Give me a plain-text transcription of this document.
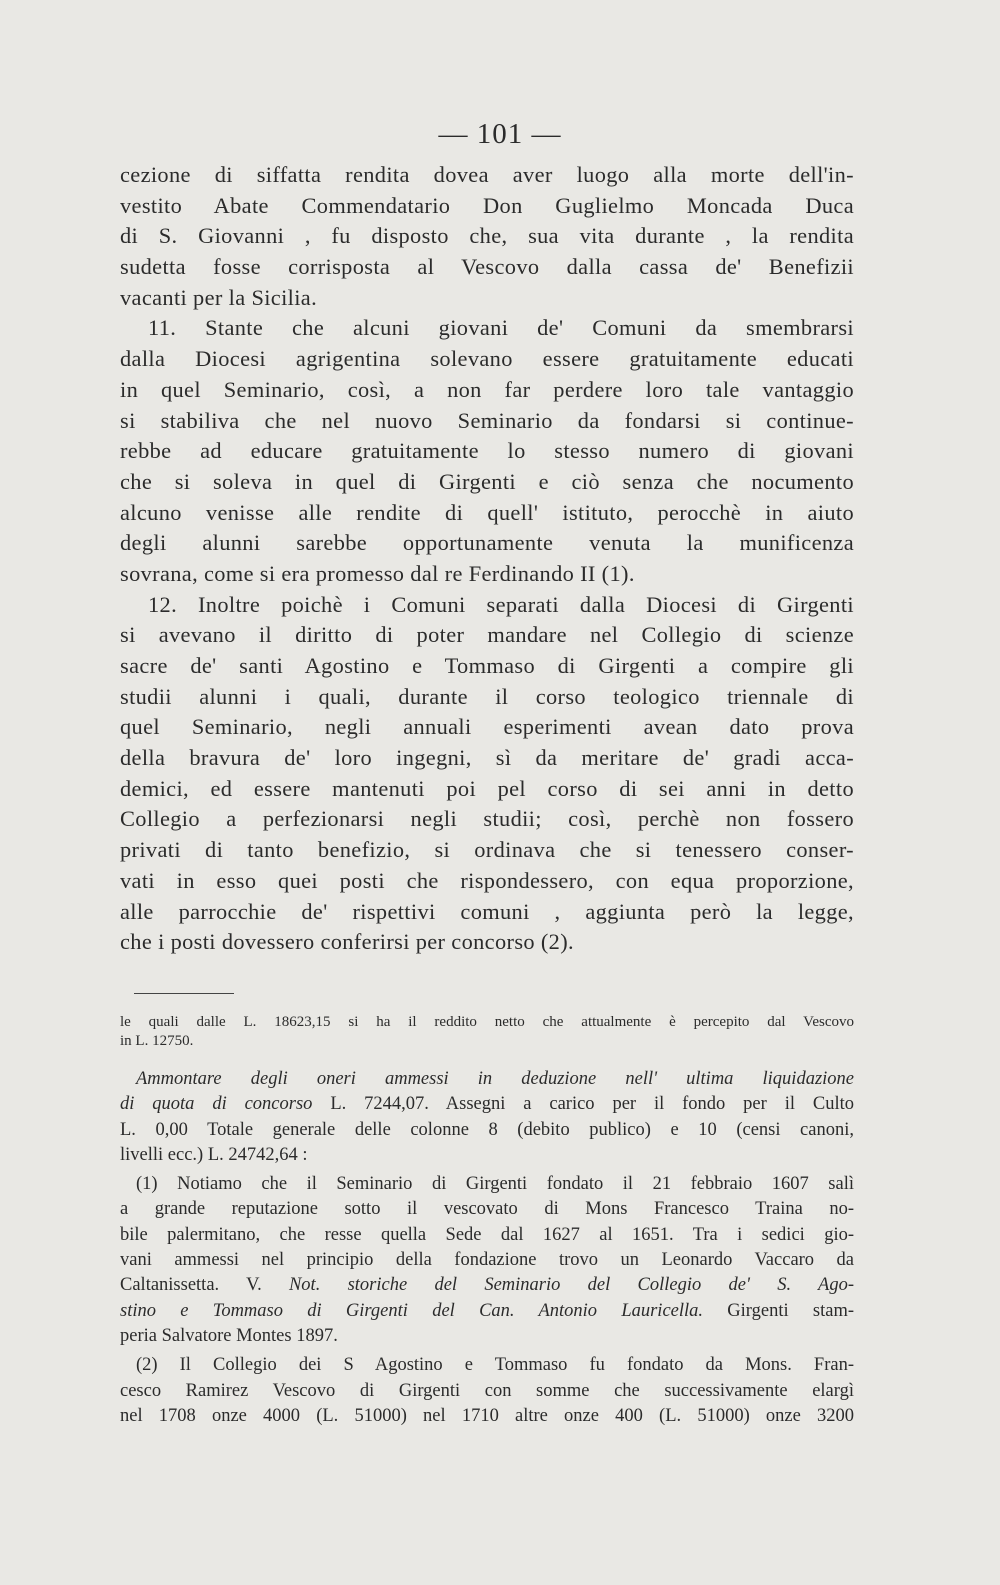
— 101 —
cezione di siffatta rendita dovea aver luogo alla morte dell'in-
vestito Abate Commendatario Don Guglielmo Moncada Duca
di S. Giovanni , fu disposto che, sua vita durante , la rendita
sudetta fosse corrisposta al Vescovo dalla cassa de' Benefizii
vacanti per la Sicilia.
11. Stante che alcuni giovani de' Comuni da smembrarsi
dalla Diocesi agrigentina solevano essere gratuitamente educati
in quel Seminario, così, a non far perdere loro tale vantaggio
si stabiliva che nel nuovo Seminario da fondarsi si continue-
rebbe ad educare gratuitamente lo stesso numero di giovani
che si soleva in quel di Girgenti e ciò senza che nocumento
alcuno venisse alle rendite di quell' istituto, perocchè in aiuto
degli alunni sarebbe opportunamente venuta la munificenza
sovrana, come si era promesso dal re Ferdinando II (1).
12. Inoltre poichè i Comuni separati dalla Diocesi di Girgenti
si avevano il diritto di poter mandare nel Collegio di scienze
sacre de' santi Agostino e Tommaso di Girgenti a compire gli
studii alunni i quali, durante il corso teologico triennale di
quel Seminario, negli annuali esperimenti avean dato prova
della bravura de' loro ingegni, sì da meritare de' gradi acca-
demici, ed essere mantenuti poi pel corso di sei anni in detto
Collegio a perfezionarsi negli studii; così, perchè non fossero
privati di tanto benefizio, si ordinava che si tenessero conser-
vati in esso quei posti che rispondessero, con equa proporzione,
alle parrocchie de' rispettivi comuni , aggiunta però la legge,
che i posti dovessero conferirsi per concorso (2).
le quali dalle L. 18623,15 si ha il reddito netto che attualmente è percepito dal Vescovo
in L. 12750.
Ammontare degli oneri ammessi in deduzione nell' ultima liquidazione
di quota di concorso L. 7244,07. Assegni a carico per il fondo per il Culto
L. 0,00 Totale generale delle colonne 8 (debito publico) e 10 (censi canoni,
livelli ecc.) L. 24742,64 :
(1) Notiamo che il Seminario di Girgenti fondato il 21 febbraio 1607 salì
a grande reputazione sotto il vescovato di Mons Francesco Traina no-
bile palermitano, che resse quella Sede dal 1627 al 1651. Tra i sedici gio-
vani ammessi nel principio della fondazione trovo un Leonardo Vaccaro da
Caltanissetta. V. Not. storiche del Seminario del Collegio de' S. Ago-
stino e Tommaso di Girgenti del Can. Antonio Lauricella. Girgenti stam-
peria Salvatore Montes 1897.
(2) Il Collegio dei S Agostino e Tommaso fu fondato da Mons. Fran-
cesco Ramirez Vescovo di Girgenti con somme che successivamente elargì
nel 1708 onze 4000 (L. 51000) nel 1710 altre onze 400 (L. 51000) onze 3200
